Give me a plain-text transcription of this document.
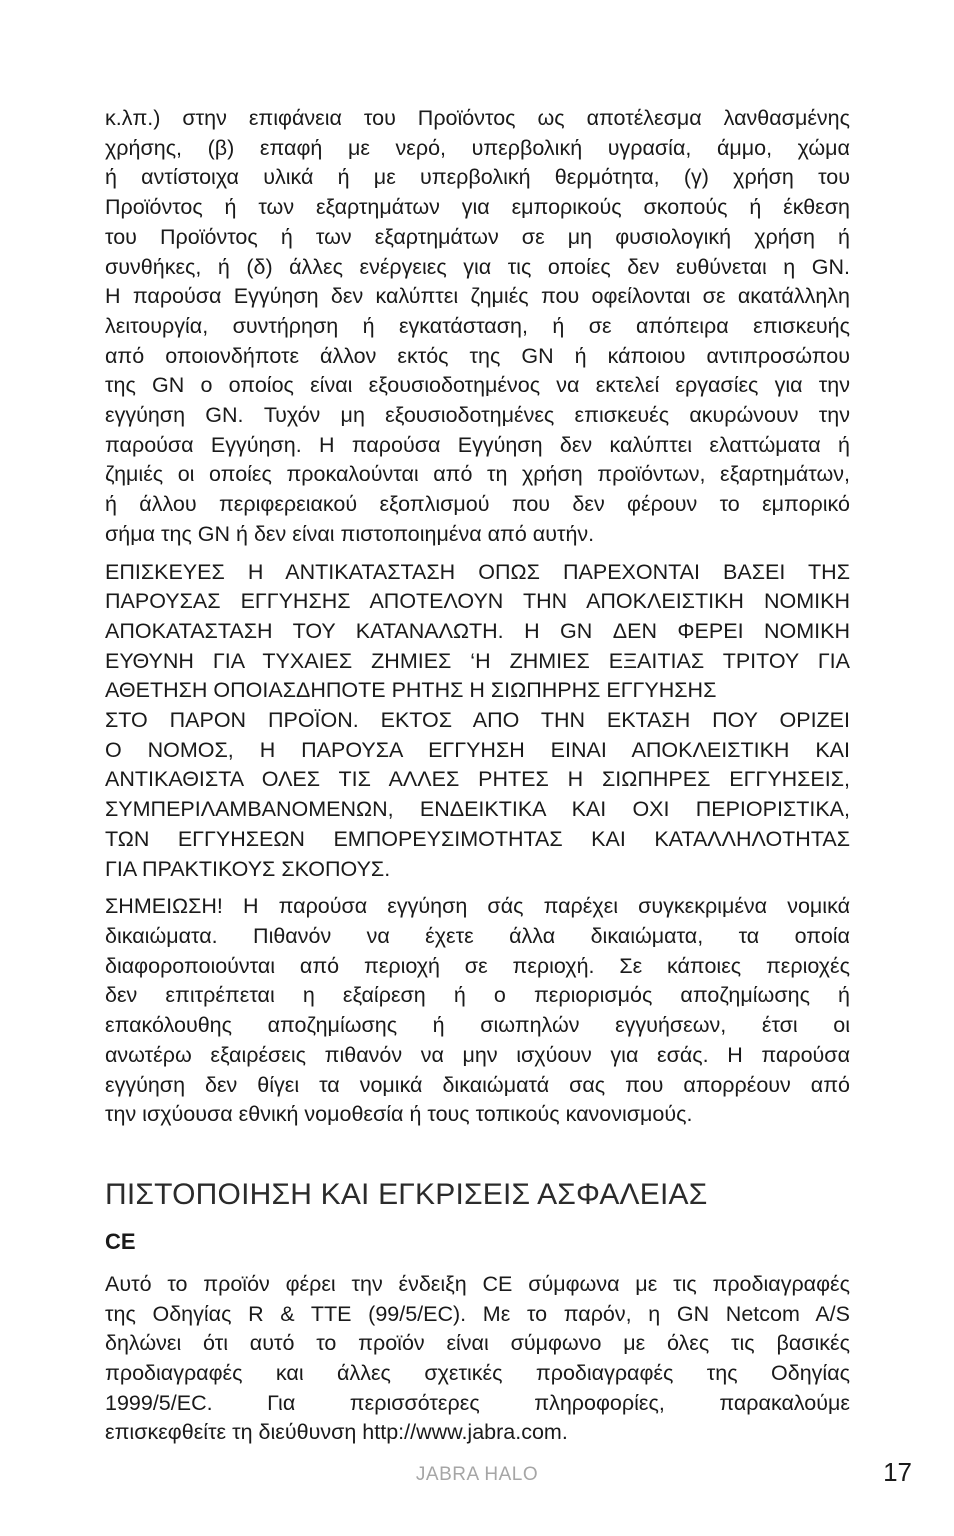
κ.λπ.) στην επιφάνεια του Προϊόντος ως αποτέλεσμα λανθασμένης
χρήσης, (β) επαφή με νερό, υπερβολική υγρασία, άμμο, χώμα
ή αντίστοιχα υλικά ή με υπερβολική θερμότητα, (γ) χρήση του
Προϊόντος ή των εξαρτημάτων για εμπορικούς σκοπούς ή έκθεση
του Προϊόντος ή των εξαρτημάτων σε μη φυσιολογική χρήση ή
συνθήκες, ή (δ) άλλες ενέργειες για τις οποίες δεν ευθύνεται η GN.
Η παρούσα Εγγύηση δεν καλύπτει ζημιές που οφείλονται σε ακατάλληλη
λειτουργία, συντήρηση ή εγκατάσταση, ή σε απόπειρα επισκευής
από οποιονδήποτε άλλον εκτός της GN ή κάποιου αντιπροσώπου
της GN ο οποίος είναι εξουσιοδοτημένος να εκτελεί εργασίες για την
εγγύηση GN. Τυχόν μη εξουσιοδοτημένες επισκευές ακυρώνουν την
παρούσα Εγγύηση. Η παρούσα Εγγύηση δεν καλύπτει ελαττώματα ή
ζημιές οι οποίες προκαλούνται από τη χρήση προϊόντων, εξαρτημάτων,
ή άλλου περιφερειακού εξοπλισμού που δεν φέρουν το εμπορικό
σήμα της GN ή δεν είναι πιστοποιημένα από αυτήν.
ΕΠΙΣΚΕΥΕΣ Η ΑΝΤΙΚΑΤΑΣΤΑΣΗ ΟΠΩΣ ΠΑΡΕΧΟΝΤΑΙ ΒΑΣΕΙ ΤΗΣ
ΠΑΡΟΥΣΑΣ ΕΓΓΥΗΣΗΣ ΑΠΟΤΕΛΟΥΝ ΤΗΝ ΑΠΟΚΛΕΙΣΤΙΚΗ ΝΟΜΙΚΗ
ΑΠΟΚΑΤΑΣΤΑΣΗ ΤΟΥ ΚΑΤΑΝΑΛΩΤΗ. Η GN ΔΕΝ ΦΕΡΕΙ ΝΟΜΙΚΗ
ΕΥΘΥΝΗ ΓΙΑ ΤΥΧΑΙΕΣ ΖΗΜΙΕΣ ‘Η ΖΗΜΙΕΣ ΕΞΑΙΤΙΑΣ ΤΡΙΤΟΥ ΓΙΑ
ΑΘΕΤΗΣΗ ΟΠΟΙΑΣΔΗΠΟΤΕ ΡΗΤΗΣ Η ΣΙΩΠΗΡΗΣ ΕΓΓΥΗΣΗΣ
ΣΤΟ ΠΑΡΟΝ ΠΡΟΪΟΝ. ΕΚΤΟΣ ΑΠΟ ΤΗΝ ΕΚΤΑΣΗ ΠΟΥ ΟΡΙΖΕΙ
Ο ΝΟΜΟΣ, Η ΠΑΡΟΥΣΑ ΕΓΓΥΗΣΗ ΕΙΝΑΙ ΑΠΟΚΛΕΙΣΤΙΚΗ ΚΑΙ
ΑΝΤΙΚΑΘΙΣΤΑ ΟΛΕΣ ΤΙΣ ΑΛΛΕΣ ΡΗΤΕΣ Η ΣΙΩΠΗΡΕΣ ΕΓΓΥΗΣΕΙΣ,
ΣΥΜΠΕΡΙΛΑΜΒΑΝΟΜΕΝΩΝ, ΕΝΔΕΙΚΤΙΚΑ ΚΑΙ ΟΧΙ ΠΕΡΙΟΡΙΣΤΙΚΑ,
ΤΩΝ ΕΓΓΥΗΣΕΩΝ ΕΜΠΟΡΕΥΣΙΜΟΤΗΤΑΣ ΚΑΙ ΚΑΤΑΛΛΗΛΟΤΗΤΑΣ
ΓΙΑ ΠΡΑΚΤΙΚΟΥΣ ΣΚΟΠΟΥΣ.
ΣΗΜΕΙΩΣΗ! Η παρούσα εγγύηση σάς παρέχει συγκεκριμένα νομικά
δικαιώματα. Πιθανόν να έχετε άλλα δικαιώματα, τα οποία
διαφοροποιούνται από περιοχή σε περιοχή. Σε κάποιες περιοχές
δεν επιτρέπεται η εξαίρεση ή ο περιορισμός αποζημίωσης ή
επακόλουθης αποζημίωσης ή σιωπηλών εγγυήσεων, έτσι οι
ανωτέρω εξαιρέσεις πιθανόν να μην ισχύουν για εσάς. Η παρούσα
εγγύηση δεν θίγει τα νομικά δικαιώματά σας που απορρέουν από
την ισχύουσα εθνική νομοθεσία ή τους τοπικούς κανονισμούς.
ΠΙΣΤΟΠΟΙΗΣΗ ΚΑΙ ΕΓΚΡΙΣΕΙΣ ΑΣΦΑΛΕΙΑΣ
CE
Αυτό το προϊόν φέρει την ένδειξη CE σύμφωνα με τις προδιαγραφές
της Οδηγίας R & TTE (99/5/EC). Με το παρόν, η GN Netcom A/S
δηλώνει ότι αυτό το προϊόν είναι σύμφωνο με όλες τις βασικές
προδιαγραφές και άλλες σχετικές προδιαγραφές της Οδηγίας
1999/5/EC. Για περισσότερες πληροφορίες, παρακαλούμε
επισκεφθείτε τη διεύθυνση http://www.jabra.com.
JABRA HALO	17
